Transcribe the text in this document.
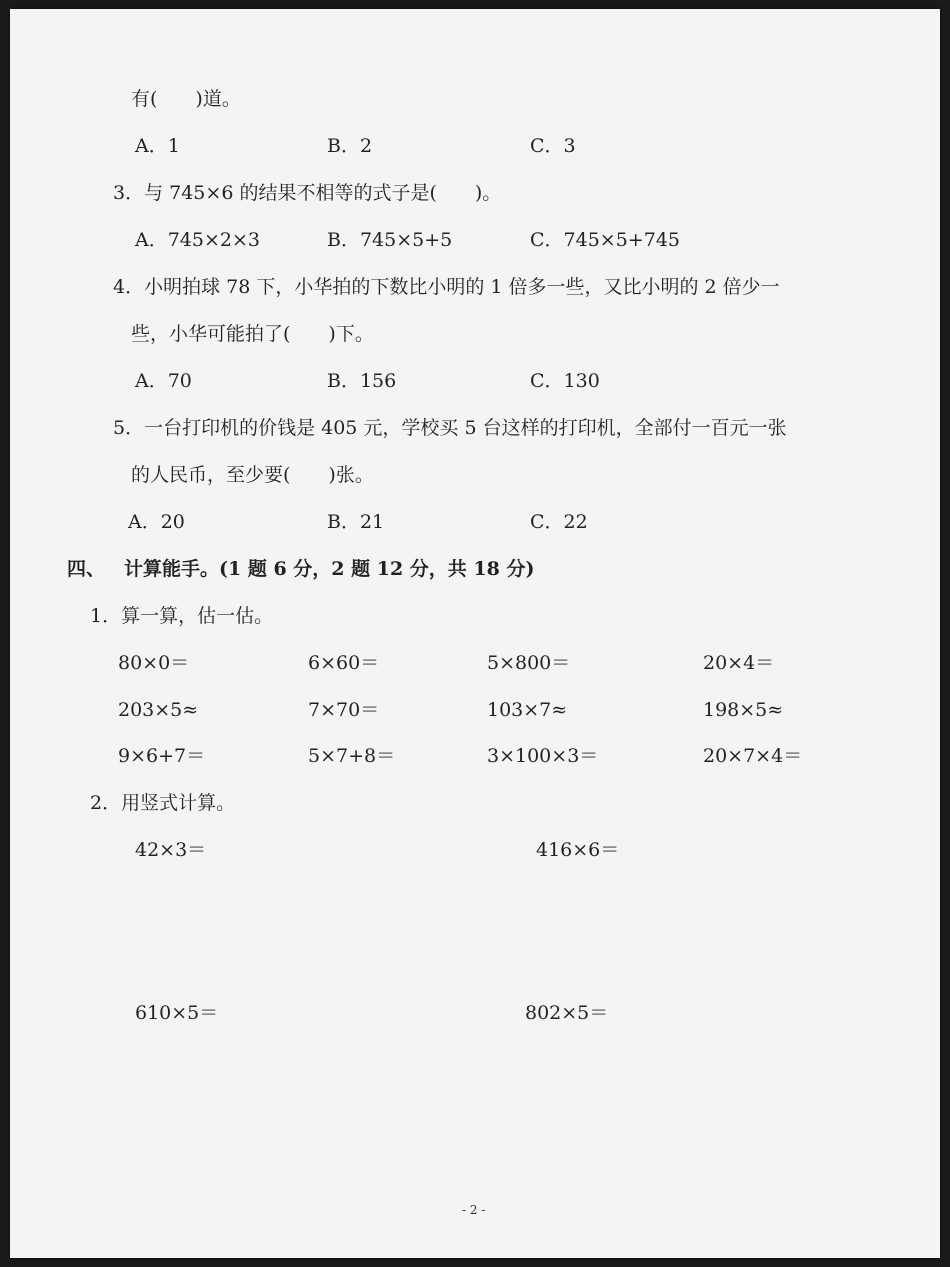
有(　　)道。
A．1	B．2	C．3
3．与 745×6 的结果不相等的式子是(　　)。
A．745×2×3	B．745×5+5	C．745×5+745
4．小明拍球 78 下，小华拍的下数比小明的 1 倍多一些，又比小明的 2 倍少一
些，小华可能拍了(　　)下。
A．70	B．156	C．130
5．一台打印机的价钱是 405 元，学校买 5 台这样的打印机，全部付一百元一张
的人民币，至少要(　　)张。
A．20	B．21	C．22
四、 计算能手。(1 题 6 分，2 题 12 分，共 18 分)
1．算一算，估一估。
80×0＝	6×60＝	5×800＝	20×4＝
203×5≈	7×70＝	103×7≈	198×5≈
9×6+7＝	5×7+8＝	3×100×3＝	20×7×4＝
2．用竖式计算。
42×3＝	416×6＝
610×5＝	802×5＝
- 2 -
